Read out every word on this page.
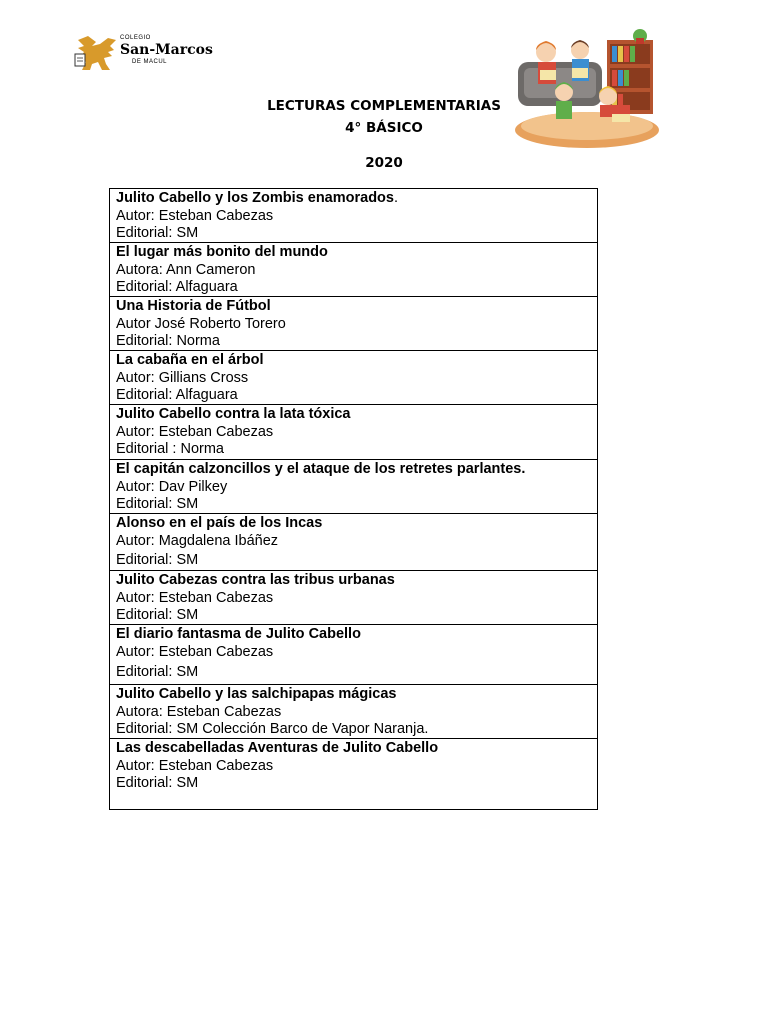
COLEGIO
San-Marcos
DE MACUL
LECTURAS COMPLEMENTARIAS
4° BÁSICO
2020
Julito Cabello y los Zombis enamorados.
Autor: Esteban Cabezas
Editorial: SM
El lugar más bonito del mundo
Autora: Ann Cameron
Editorial: Alfaguara
Una Historia de Fútbol
Autor José Roberto Torero
Editorial: Norma
La cabaña en el árbol
Autor: Gillians Cross
Editorial: Alfaguara
Julito Cabello contra la lata tóxica
Autor: Esteban Cabezas
Editorial : Norma
El capitán calzoncillos y el ataque de los retretes parlantes.
Autor: Dav Pilkey
Editorial: SM
Alonso en el país de los Incas
Autor: Magdalena Ibáñez
Editorial: SM
Julito Cabezas contra las tribus urbanas
Autor: Esteban Cabezas
Editorial: SM
El diario fantasma de Julito Cabello
Autor: Esteban Cabezas
Editorial: SM
Julito Cabello y las salchipapas mágicas
Autora: Esteban Cabezas
Editorial: SM Colección Barco de Vapor Naranja.
Las descabelladas Aventuras de Julito Cabello
Autor: Esteban Cabezas
Editorial: SM
